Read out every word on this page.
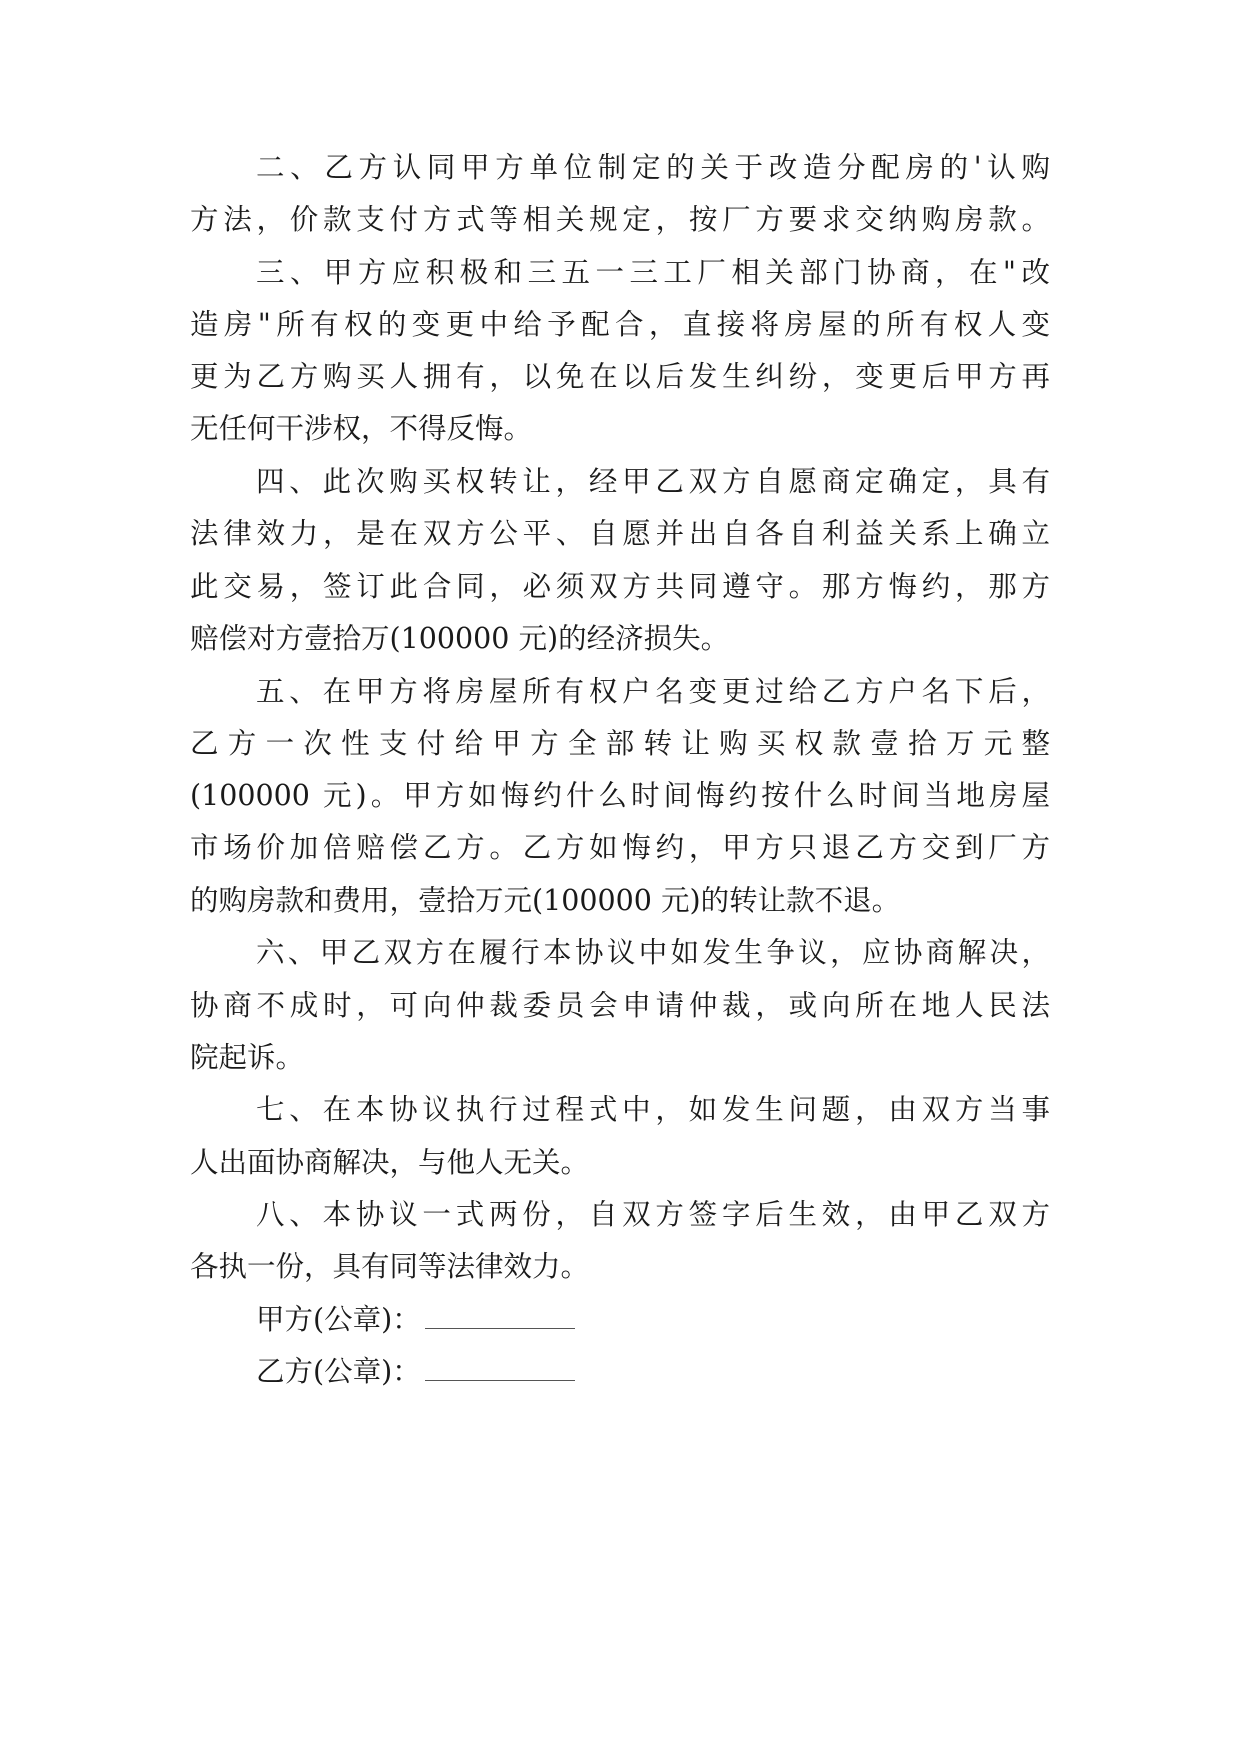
二、乙方认同甲方单位制定的关于改造分配房的'认购
方法，价款支付方式等相关规定，按厂方要求交纳购房款。
三、甲方应积极和三五一三工厂相关部门协商，在"改
造房"所有权的变更中给予配合，直接将房屋的所有权人变
更为乙方购买人拥有，以免在以后发生纠纷，变更后甲方再
无任何干涉权，不得反悔。
四、此次购买权转让，经甲乙双方自愿商定确定，具有
法律效力，是在双方公平、自愿并出自各自利益关系上确立
此交易，签订此合同，必须双方共同遵守。那方悔约，那方
赔偿对方壹拾万(100000 元)的经济损失。
五、在甲方将房屋所有权户名变更过给乙方户名下后，
乙方一次性支付给甲方全部转让购买权款壹拾万元整
(100000 元)。甲方如悔约什么时间悔约按什么时间当地房屋
市场价加倍赔偿乙方。乙方如悔约，甲方只退乙方交到厂方
的购房款和费用，壹拾万元(100000 元)的转让款不退。
六、甲乙双方在履行本协议中如发生争议，应协商解决，
协商不成时，可向仲裁委员会申请仲裁，或向所在地人民法
院起诉。
七、在本协议执行过程式中，如发生问题，由双方当事
人出面协商解决，与他人无关。
八、本协议一式两份，自双方签字后生效，由甲乙双方
各执一份，具有同等法律效力。
甲方(公章)：
乙方(公章)：
